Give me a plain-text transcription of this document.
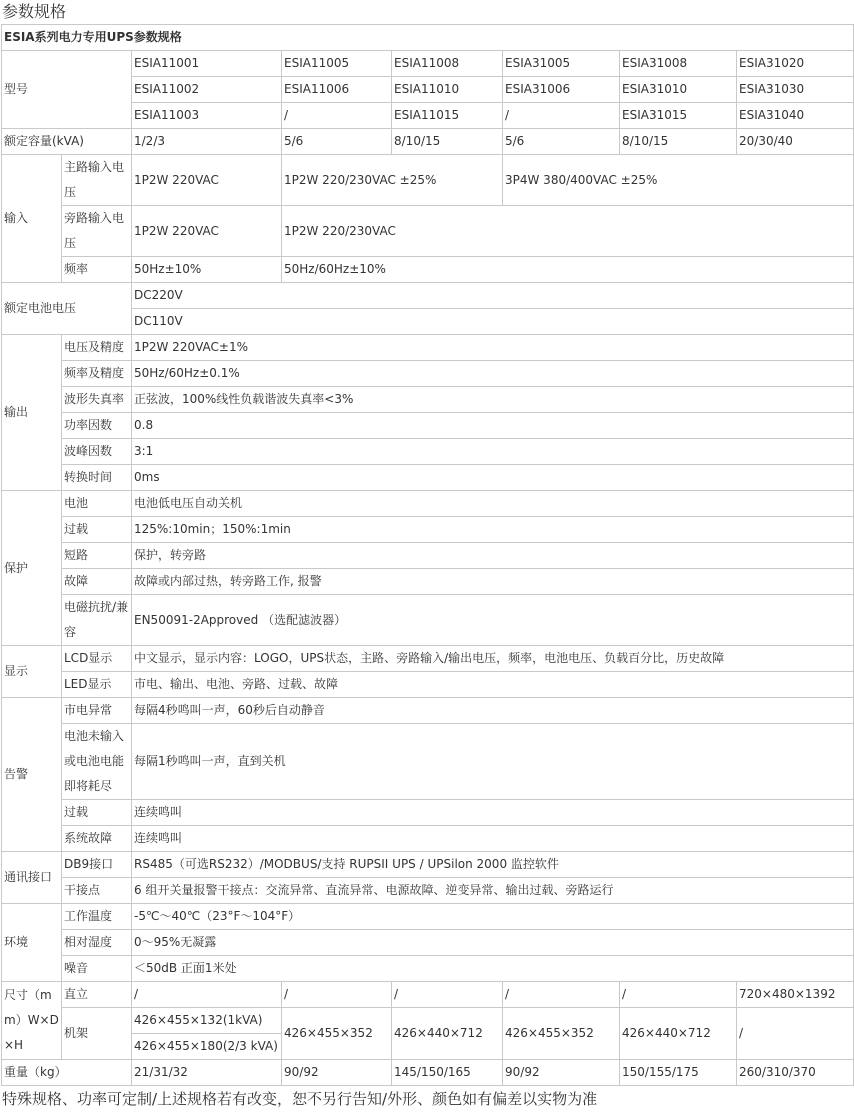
参数规格
ESIA系列电力专用UPS参数规格							
型号		ESIA11001	ESIA11005	ESIA11008	ESIA31005	ESIA31008	ESIA31020
		ESIA11002	ESIA11006	ESIA11010	ESIA31006	ESIA31010	ESIA31030
		ESIA11003	/	ESIA11015	/	ESIA31015	ESIA31040
额定容量(kVA)		1/2/3	5/6	8/10/15	5/6	8/10/15	20/30/40
输入	主路输入电压	1P2W 220VAC	1P2W 220/230VAC ±25%		3P4W 380/400VAC ±25%		
	旁路输入电压	1P2W 220VAC	1P2W 220/230VAC				
	频率	50Hz±10%	50Hz/60Hz±10%				
额定电池电压		DC220V					
		DC110V					
输出	电压及精度	1P2W 220VAC±1%					
	频率及精度	50Hz/60Hz±0.1%					
	波形失真率	正弦波，100%线性负载谐波失真率<3%					
	功率因数	0.8					
	波峰因数	3:1					
	转换时间	0ms					
保护	电池	电池低电压自动关机					
	过载	125%:10min；150%:1min					
	短路	保护，转旁路					
	故障	故障或内部过热，转旁路工作, 报警					
	电磁抗扰/兼容	EN50091-2Approved （选配滤波器）					
显示	LCD显示	中文显示，显示内容：LOGO，UPS状态，主路、旁路输入/输出电压，频率，电池电压、负载百分比，历史故障					
	LED显示	市电、输出、电池、旁路、过载、故障					
告警	市电异常	每隔4秒鸣叫一声，60秒后自动静音					
	电池未输入或电池电能即将耗尽	每隔1秒鸣叫一声，直到关机					
	过载	连续鸣叫					
	系统故障	连续鸣叫					
通讯接口	DB9接口	RS485（可选RS232）/MODBUS/支持 RUPSII UPS / UPSilon 2000 监控软件					
	干接点	6 组开关量报警干接点：交流异常、直流异常、电源故障、逆变异常、输出过载、旁路运行					
环境	工作温度	-5℃～40℃（23°F～104°F）					
	相对湿度	0～95%无凝露					
	噪音	＜50dB 正面1米处					
尺寸（mm）W×D×H	直立	/	/	/	/	/	720×480×1392
	机架	426×455×132(1kVA)	426×455×352	426×440×712	426×455×352	426×440×712	/
		426×455×180(2/3 kVA)					
重量（kg）		21/31/32	90/92	145/150/165	90/92	150/155/175	260/310/370
特殊规格、功率可定制/上述规格若有改变，恕不另行告知/外形、颜色如有偏差以实物为准
